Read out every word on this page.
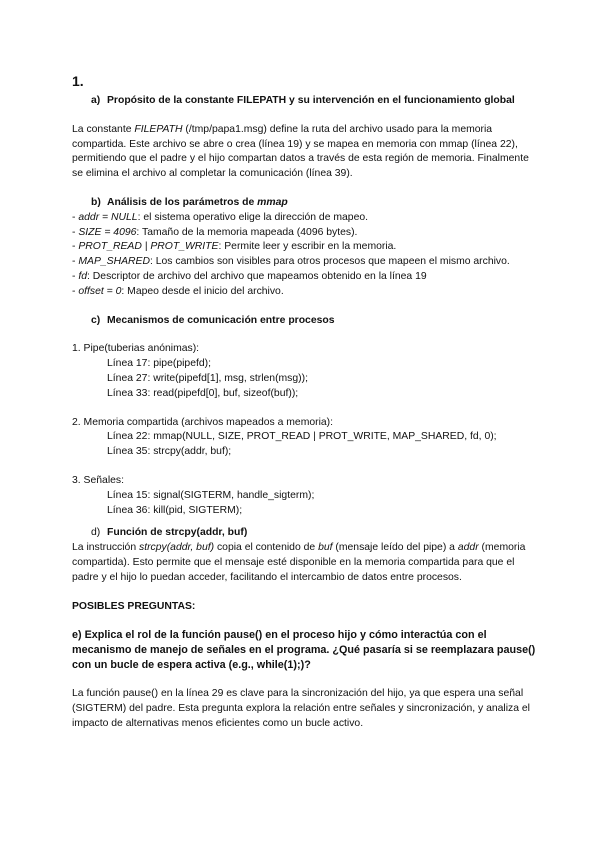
1.
a) Propósito de la constante FILEPATH y su intervención en el funcionamiento global

La constante FILEPATH (/tmp/papa1.msg) define la ruta del archivo usado para la memoria compartida. Este archivo se abre o crea (línea 19) y se mapea en memoria con mmap (línea 22), permitiendo que el padre y el hijo compartan datos a través de esta región de memoria. Finalmente se elimina el archivo al completar la comunicación (línea 39).

b) Análisis de los parámetros de mmap

- addr = NULL: el sistema operativo elige la dirección de mapeo.

- SIZE = 4096: Tamaño de la memoria mapeada (4096 bytes).

- PROT_READ | PROT_WRITE: Permite leer y escribir en la memoria.

- MAP_SHARED: Los cambios son visibles para otros procesos que mapeen el mismo archivo.

- fd: Descriptor de archivo del archivo que mapeamos obtenido en la línea 19

- offset = 0: Mapeo desde el inicio del archivo.

c) Mecanismos de comunicación entre procesos

1. Pipe(tuberias anónimas):

Línea 17: pipe(pipefd);

Línea 27: write(pipefd[1], msg, strlen(msg));

Línea 33: read(pipefd[0], buf, sizeof(buf));

2. Memoria compartida (archivos mapeados a memoria):

Línea 22: mmap(NULL, SIZE, PROT_READ | PROT_WRITE, MAP_SHARED, fd, 0);

Línea 35: strcpy(addr, buf);

3. Señales:

Línea 15: signal(SIGTERM, handle_sigterm);

Línea 36: kill(pid, SIGTERM);

d) Función de strcpy(addr, buf)

La instrucción strcpy(addr, buf) copia el contenido de buf (mensaje leído del pipe) a addr (memoria compartida). Esto permite que el mensaje esté disponible en la memoria compartida para que el padre y el hijo lo puedan acceder, facilitando el intercambio de datos entre procesos.

POSIBLES PREGUNTAS:

e) Explica el rol de la función pause() en el proceso hijo y cómo interactúa con el mecanismo de manejo de señales en el programa. ¿Qué pasaría si se reemplazara pause() con un bucle de espera activa (e.g., while(1);)?

La función pause() en la línea 29 es clave para la sincronización del hijo, ya que espera una señal (SIGTERM) del padre. Esta pregunta explora la relación entre señales y sincronización, y analiza el impacto de alternativas menos eficientes como un bucle activo.
